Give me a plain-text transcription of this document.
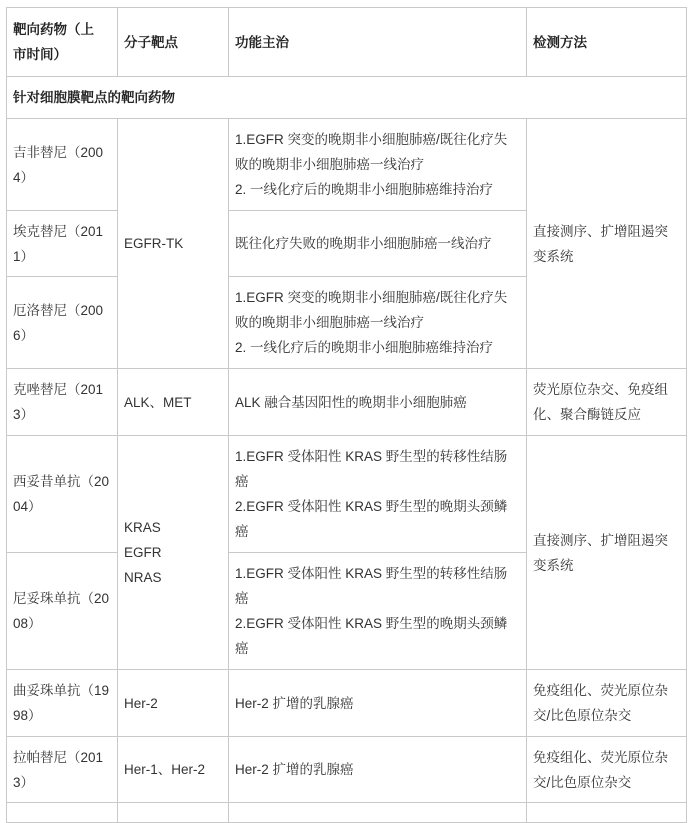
靶向药物（上
市时间）	分子靶点	功能主治	检测方法
针对细胞膜靶点的靶向药物			

吉非替尼（200
4）	EGFR-TK	1.EGFR 突变的晚期非小细胞肺癌/既往化疗失
败的晚期非小细胞肺癌一线治疗
2. 一线化疗后的晚期非小细胞肺癌维持治疗	直接测序、扩增阻遏突
变系统

埃克替尼（201
1）		既往化疗失败的晚期非小细胞肺癌一线治疗	

厄洛替尼（200
6）		1.EGFR 突变的晚期非小细胞肺癌/既往化疗失
败的晚期非小细胞肺癌一线治疗
2. 一线化疗后的晚期非小细胞肺癌维持治疗	

克唑替尼（201
3）	ALK、MET	ALK 融合基因阳性的晚期非小细胞肺癌	荧光原位杂交、免疫组
化、聚合酶链反应

西妥昔单抗（20
04）	KRAS
EGFR
NRAS	1.EGFR 受体阳性 KRAS 野生型的转移性结肠
癌
2.EGFR 受体阳性 KRAS 野生型的晚期头颈鳞
癌	直接测序、扩增阻遏突
变系统

尼妥珠单抗（20
08）		1.EGFR 受体阳性 KRAS 野生型的转移性结肠
癌
2.EGFR 受体阳性 KRAS 野生型的晚期头颈鳞
癌	

曲妥珠单抗（19
98）	Her-2	Her-2 扩增的乳腺癌	免疫组化、荧光原位杂
交/比色原位杂交

拉帕替尼（201
3）	Her-1、Her-2	Her-2 扩增的乳腺癌	免疫组化、荧光原位杂
交/比色原位杂交
